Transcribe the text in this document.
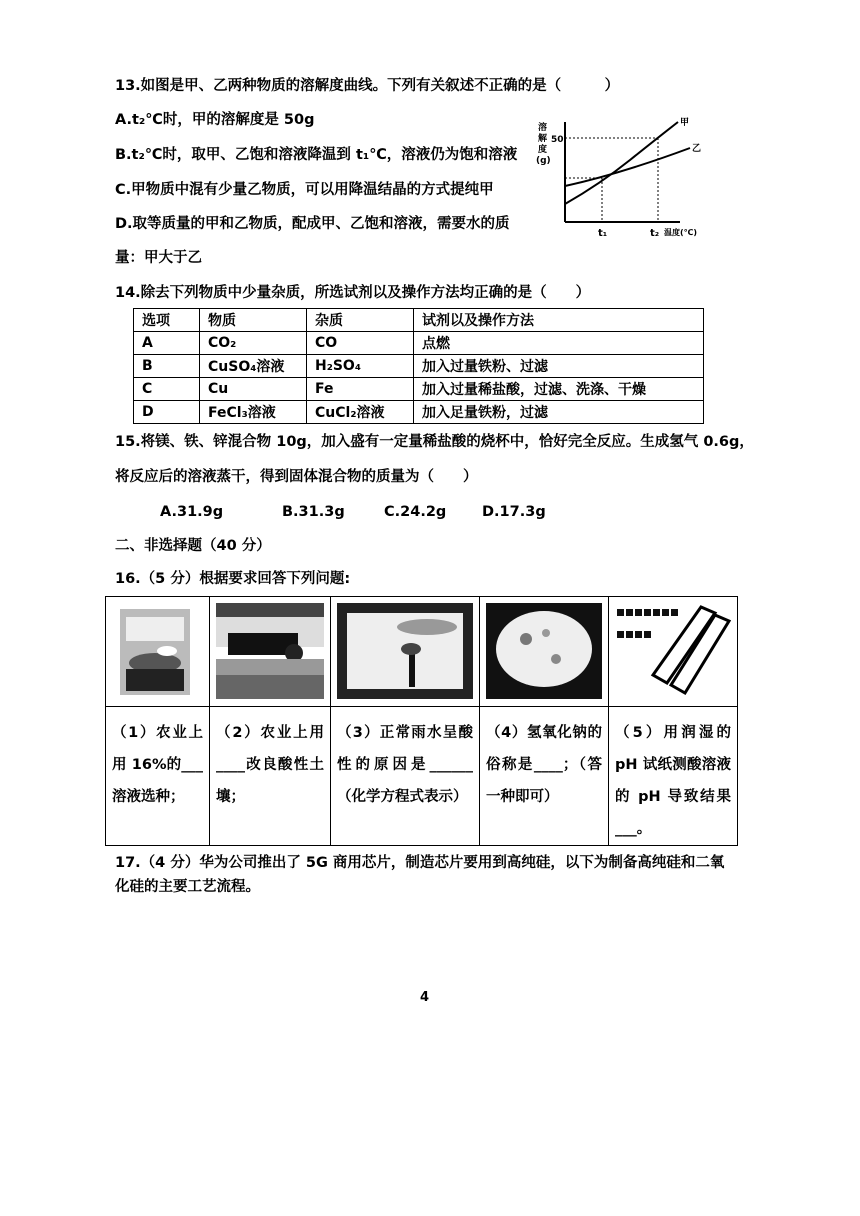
13.如图是甲、乙两种物质的溶解度曲线。下列有关叙述不正确的是（　　　）
A.t₂℃时，甲的溶解度是 50g
B.t₂℃时，取甲、乙饱和溶液降温到 t₁℃，溶液仍为饱和溶液
C.甲物质中混有少量乙物质，可以用降温结晶的方式提纯甲
D.取等质量的甲和乙物质，配成甲、乙饱和溶液，需要水的质
量：甲大于乙
溶解度(g)
50
甲
乙
t₁	t₂ 温度(℃)
14.除去下列物质中少量杂质，所选试剂以及操作方法均正确的是（　　）
选项	物质	杂质	试剂以及操作方法
A	CO₂	CO	点燃
B	CuSO₄溶液	H₂SO₄	加入过量铁粉、过滤
C	Cu	Fe	加入过量稀盐酸，过滤、洗涤、干燥
D	FeCl₃溶液	CuCl₂溶液	加入足量铁粉，过滤
15.将镁、铁、锌混合物 10g，加入盛有一定量稀盐酸的烧杯中，恰好完全反应。生成氢气 0.6g，
将反应后的溶液蒸干，得到固体混合物的质量为（　　）
A.31.9g	B.31.3g	C.24.2g D.17.3g
二、非选择题（40 分）
16.（5 分）根据要求回答下列问题:

（1）农业上用 16%的___溶液选种；	（2）农业上用____改良酸性土壤；	（3）正常雨水呈酸性的原因是______（化学方程式表示）	（4）氢氧化钠的俗称是____；（答一种即可）	（5）用润湿的 pH 试纸测酸溶液的 pH 导致结果___。
17.（4 分）华为公司推出了 5G 商用芯片，制造芯片要用到高纯硅，以下为制备高纯硅和二氧
化硅的主要工艺流程。
4
